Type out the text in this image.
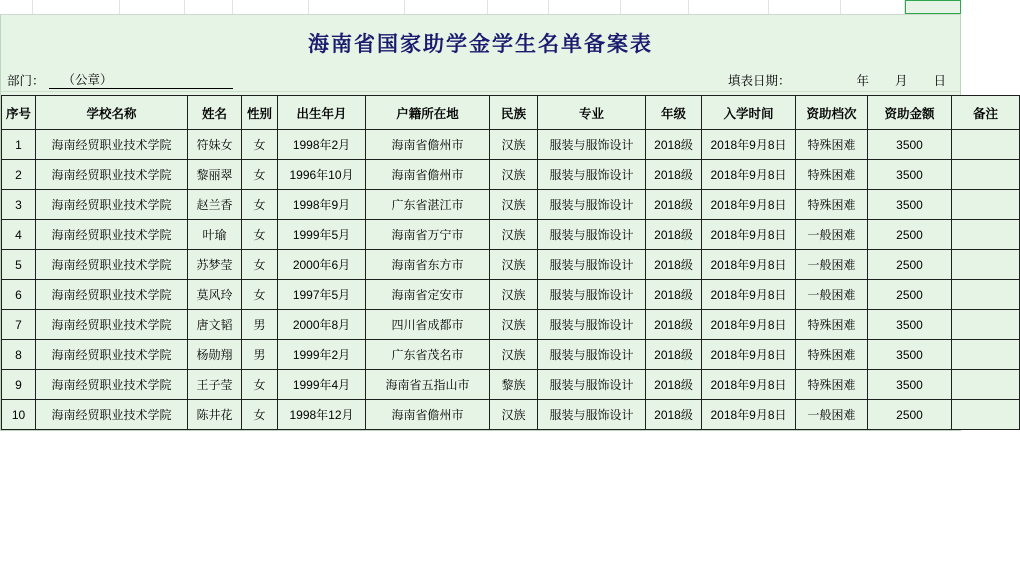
海南省国家助学金学生名单备案表
部门：	（公章）	填表日期：	年 月 日
序号	学校名称	姓名	性别	出生年月	户籍所在地	民族	专业	年级	入学时间	资助档次	资助金额	备注
1	海南经贸职业技术学院	符妹女	女	1998年2月	海南省儋州市	汉族	服装与服饰设计	2018级	2018年9月8日	特殊困难	3500	
2	海南经贸职业技术学院	黎丽翠	女	1996年10月	海南省儋州市	汉族	服装与服饰设计	2018级	2018年9月8日	特殊困难	3500	
3	海南经贸职业技术学院	赵兰香	女	1998年9月	广东省湛江市	汉族	服装与服饰设计	2018级	2018年9月8日	特殊困难	3500	
4	海南经贸职业技术学院	叶瑜	女	1999年5月	海南省万宁市	汉族	服装与服饰设计	2018级	2018年9月8日	一般困难	2500	
5	海南经贸职业技术学院	苏梦莹	女	2000年6月	海南省东方市	汉族	服装与服饰设计	2018级	2018年9月8日	一般困难	2500	
6	海南经贸职业技术学院	莫风玲	女	1997年5月	海南省定安市	汉族	服装与服饰设计	2018级	2018年9月8日	一般困难	2500	
7	海南经贸职业技术学院	唐文韬	男	2000年8月	四川省成都市	汉族	服装与服饰设计	2018级	2018年9月8日	特殊困难	3500	
8	海南经贸职业技术学院	杨勋翔	男	1999年2月	广东省茂名市	汉族	服装与服饰设计	2018级	2018年9月8日	特殊困难	3500	
9	海南经贸职业技术学院	王子莹	女	1999年4月	海南省五指山市	黎族	服装与服饰设计	2018级	2018年9月8日	特殊困难	3500	
10	海南经贸职业技术学院	陈井花	女	1998年12月	海南省儋州市	汉族	服装与服饰设计	2018级	2018年9月8日	一般困难	2500	
